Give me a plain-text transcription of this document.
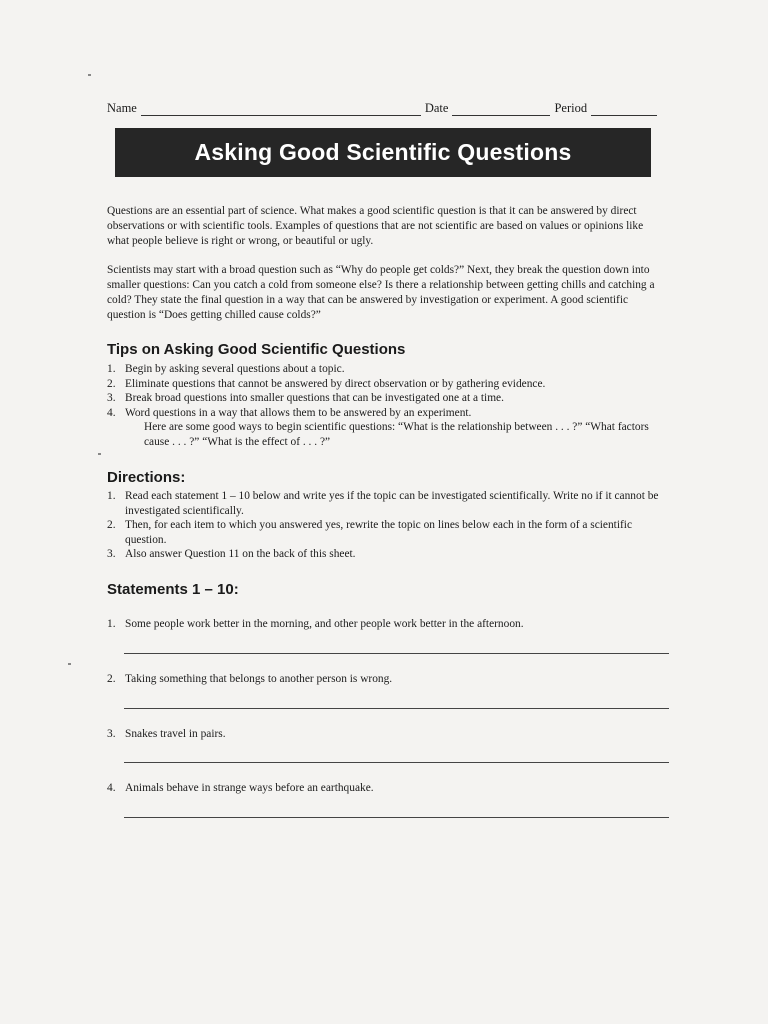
Name	Date	Period
Asking Good Scientific Questions

Questions are an essential part of science. What makes a good scientific question is that it can be answered by direct observations or with scientific tools. Examples of questions that are not scientific are based on values or opinions like what people believe is right or wrong, or beautiful or ugly.

Scientists may start with a broad question such as “Why do people get colds?” Next, they break the question down into smaller questions: Can you catch a cold from someone else? Is there a relationship between getting chills and catching a cold? They state the final question in a way that can be answered by investigation or experiment. A good scientific question is “Does getting chilled cause colds?”

Tips on Asking Good Scientific Questions
1. Begin by asking several questions about a topic.
2. Eliminate questions that cannot be answered by direct observation or by gathering evidence.
3. Break broad questions into smaller questions that can be investigated one at a time.
4. Word questions in a way that allows them to be answered by an experiment.
Here are some good ways to begin scientific questions: “What is the relationship between . . . ?” “What factors cause . . . ?” “What is the effect of . . . ?”
Directions:
1. Read each statement 1 – 10 below and write yes if the topic can be investigated scientifically. Write no if it cannot be investigated scientifically.
2. Then, for each item to which you answered yes, rewrite the topic on lines below each in the form of a scientific question.
3. Also answer Question 11 on the back of this sheet.
Statements 1 – 10:
1. Some people work better in the morning, and other people work better in the afternoon.
2. Taking something that belongs to another person is wrong.
3. Snakes travel in pairs.
4. Animals behave in strange ways before an earthquake.
